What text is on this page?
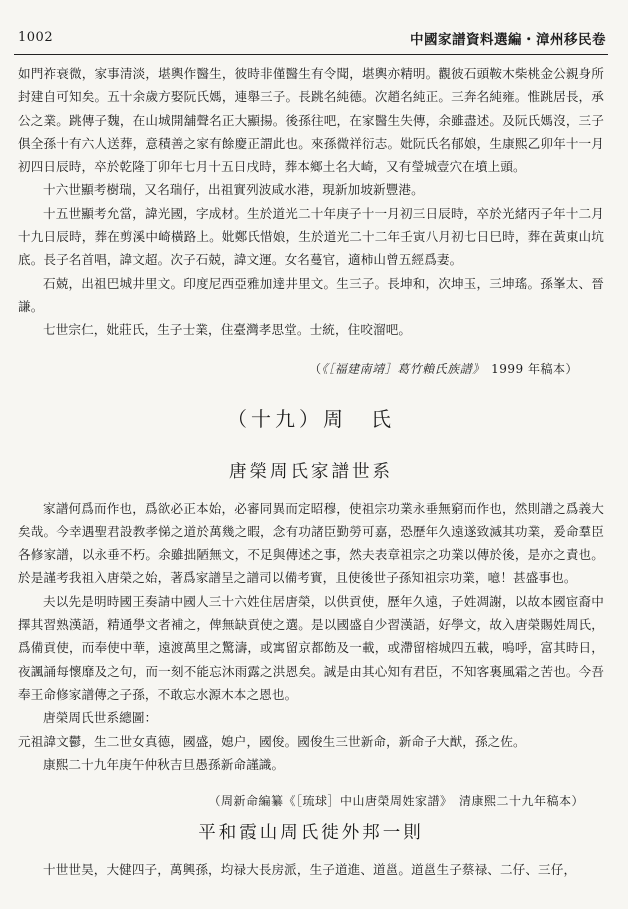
1002	中國家譜資料選編・漳州移民卷

如門祚衰微，家事清淡，堪輿作醫生，彼時非僅醫生有令聞，堪輿亦精明。觀彼石頭鞍木柴桃金公親身所封建自可知矣。五十余歲方娶阮氏媽，連舉三子。長跳名純德。次趙名純正。三奔名純雍。惟跳居長，承公之業。跳傳子魏，在山城開舖聲名正大顯揚。後孫往吧，在家醫生失傳，余雖盡述。及阮氏媽沒，三子俱全孫十有六人送葬，意積善之家有餘慶正謂此也。來孫微祥衍志。妣阮氏名郁娘，生康熙乙卯年十一月初四日辰時，卒於乾隆丁卯年七月十五日戌時，葬本鄉土名大崎，又有瑩城壹穴在墳上頭。

十六世顯考樹瑞，又名瑞仔，出祖實列波咸水港，現新加坡新豐港。

十五世顯考允當，諱光國，字成材。生於道光二十年庚子十一月初三日辰時，卒於光緒丙子年十二月十九日辰時，葬在剪溪中崎橫路上。妣鄭氏惜娘，生於道光二十二年壬寅八月初七日巳時，葬在黃東山坑底。長子名首唱，諱文超。次子石兢，諱文運。女名蔓官，適柿山曾五經爲妻。

石兢，出祖巴城井里文。印度尼西亞雅加達井里文。生三子。長坤和，次坤玉，三坤瑤。孫峯太、晉謙。

七世宗仁，妣莊氏，生子士業，住臺灣孝思堂。士統，住咬溜吧。

（《［福建南靖］葛竹賴氏族譜》　 1999 年稿本）
（十九）周　氏
唐榮周氏家譜世系

家譜何爲而作也，爲欲必正本始，必審同異而定昭穆，使祖宗功業永垂無窮而作也，然則譜之爲義大矣哉。今幸遇聖君設教孝悌之道於萬幾之暇，念有功諸臣勤勞可嘉，恐歷年久遠遂致滅其功業，爰命羣臣各修家譜，以永垂不朽。余雖拙陋無文，不足與傳述之事，然夫表章祖宗之功業以傳於後，是亦之責也。於是謹考我祖入唐榮之始，著爲家譜呈之譜司以備考實，且使後世子孫知祖宗功業，噫！甚盛事也。

夫以先是明時國王奏請中國人三十六姓住居唐榮，以供貢使，歷年久遠，子姓凋謝，以故本國宦裔中擇其習熟漢語，精通學文者補之，俾無缺貢使之選。是以國盛自少習漢語，好學文，故入唐榮賜姓周氏，爲備貢使，而奉使中華，遠渡萬里之驚濤，或寓留京都飭及一載，或滯留榕城四五載，嗚呼，富其時日，夜諷誦每懷靡及之句，而一刻不能忘沐雨露之洪恩矣。誠是由其心知有君臣，不知客裏風霜之苦也。今吾奉王命修家譜傳之子孫，不敢忘水源木本之恩也。

唐榮周氏世系總圖：

元祖諱文鬱，生二世女真德，國盛，媳户，國俊。國俊生三世新命，新命子大猷，孫之佐。

康熙二十九年庚午仲秋吉旦愚孫新命謹識。

（周新命編纂《［琉球］中山唐榮周姓家譜》　清康熙二十九年稿本）
平和霞山周氏徙外邦一則

十世世昊，大健四子，萬興孫，均禄大長房派，生子道進、道邕。道邕生子蔡禄、二仔、三仔，
